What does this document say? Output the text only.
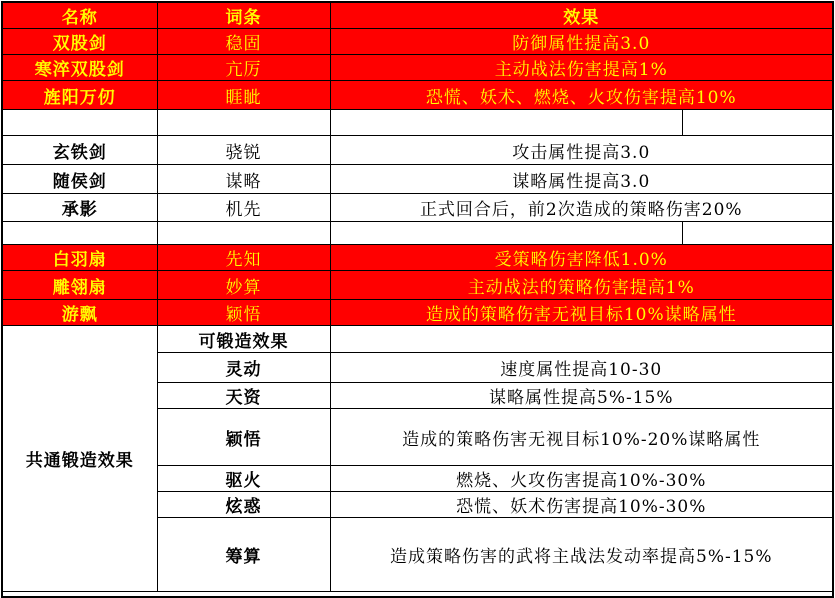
名称	词条	效果	
双股剑	稳固	防御属性提高3.0	
寒淬双股剑	亢厉	主动战法伤害提高1%	
旌阳万仞	睚眦	恐慌、妖术、燃烧、火攻伤害提高10%	

玄铁剑	骁锐	攻击属性提高3.0	
随侯剑	谋略	谋略属性提高3.0	
承影	机先	正式回合后，前2次造成的策略伤害20%	

白羽扇	先知	受策略伤害降低1.0%	
雕翎扇	妙算	主动战法的策略伤害提高1%	
游飘	颖悟	造成的策略伤害无视目标10%谋略属性	
共通锻造效果	可锻造效果		
	灵动	速度属性提高10-30	
	天资	谋略属性提高5%-15%	
	颖悟	造成的策略伤害无视目标10%-20%谋略属性	
	驱火	燃烧、火攻伤害提高10%-30%	
	炫惑	恐慌、妖术伤害提高10%-30%	
	筹算	造成策略伤害的武将主战法发动率提高5%-15%	
